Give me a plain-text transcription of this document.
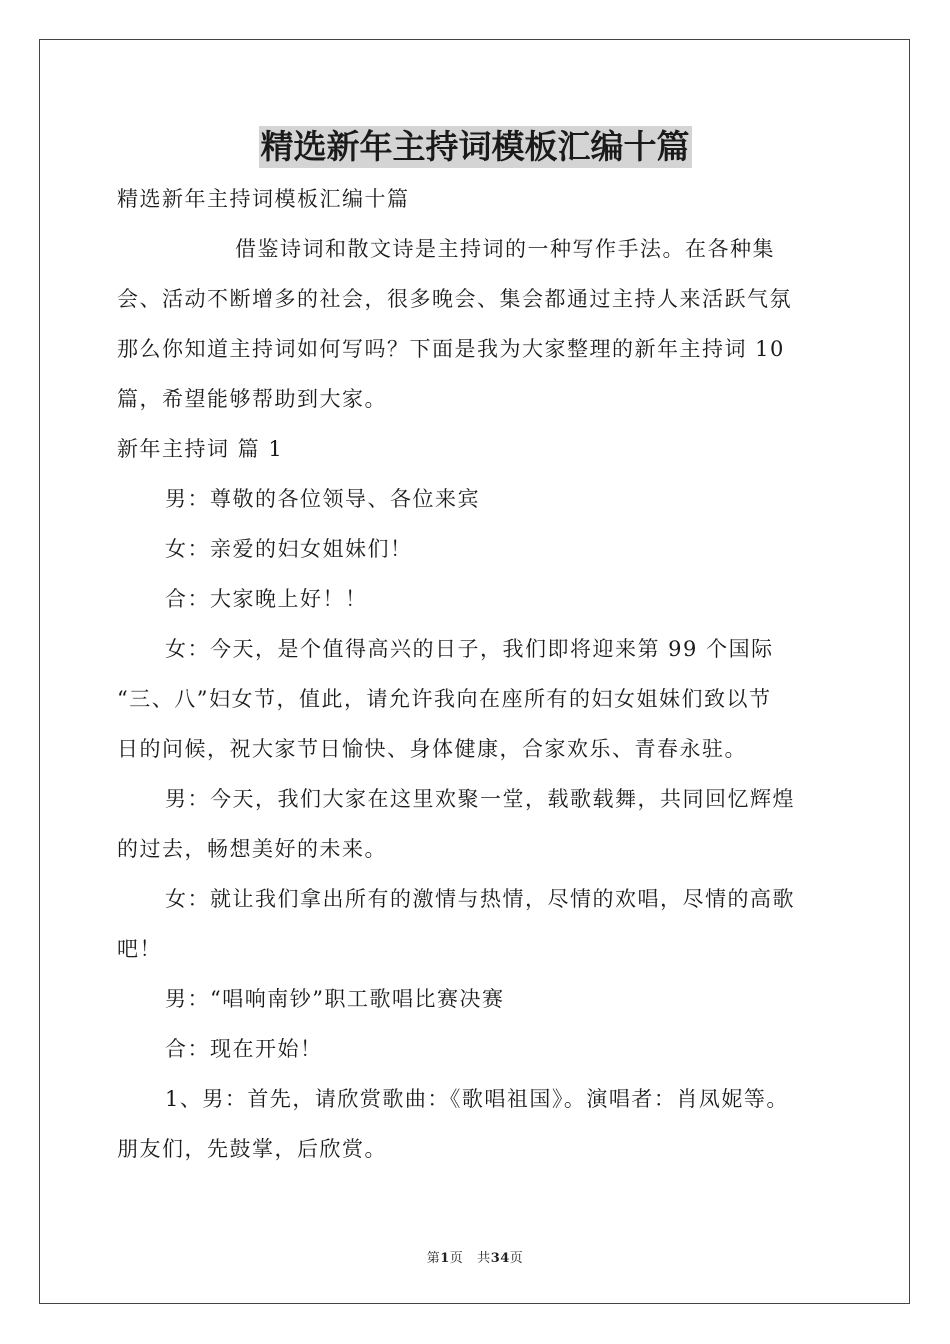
精选新年主持词模板汇编十篇
精选新年主持词模板汇编十篇
借鉴诗词和散文诗是主持词的一种写作手法。在各种集
会、活动不断增多的社会，很多晚会、集会都通过主持人来活跃气氛
那么你知道主持词如何写吗？下面是我为大家整理的新年主持词 10
篇，希望能够帮助到大家。
新年主持词 篇 1
男：尊敬的各位领导、各位来宾
女：亲爱的妇女姐妹们！
合：大家晚上好！！
女：今天，是个值得高兴的日子，我们即将迎来第 99 个国际
“三、八”妇女节，值此，请允许我向在座所有的妇女姐妹们致以节
日的问候，祝大家节日愉快、身体健康，合家欢乐、青春永驻。
男：今天，我们大家在这里欢聚一堂，载歌载舞，共同回忆辉煌
的过去，畅想美好的未来。
女：就让我们拿出所有的激情与热情，尽情的欢唱，尽情的高歌
吧！
男：“唱响南钞”职工歌唱比赛决赛
合：现在开始！
1、男：首先，请欣赏歌曲：《歌唱祖国》。演唱者：肖凤妮等。
朋友们，先鼓掌，后欣赏。
第1页 共34页
